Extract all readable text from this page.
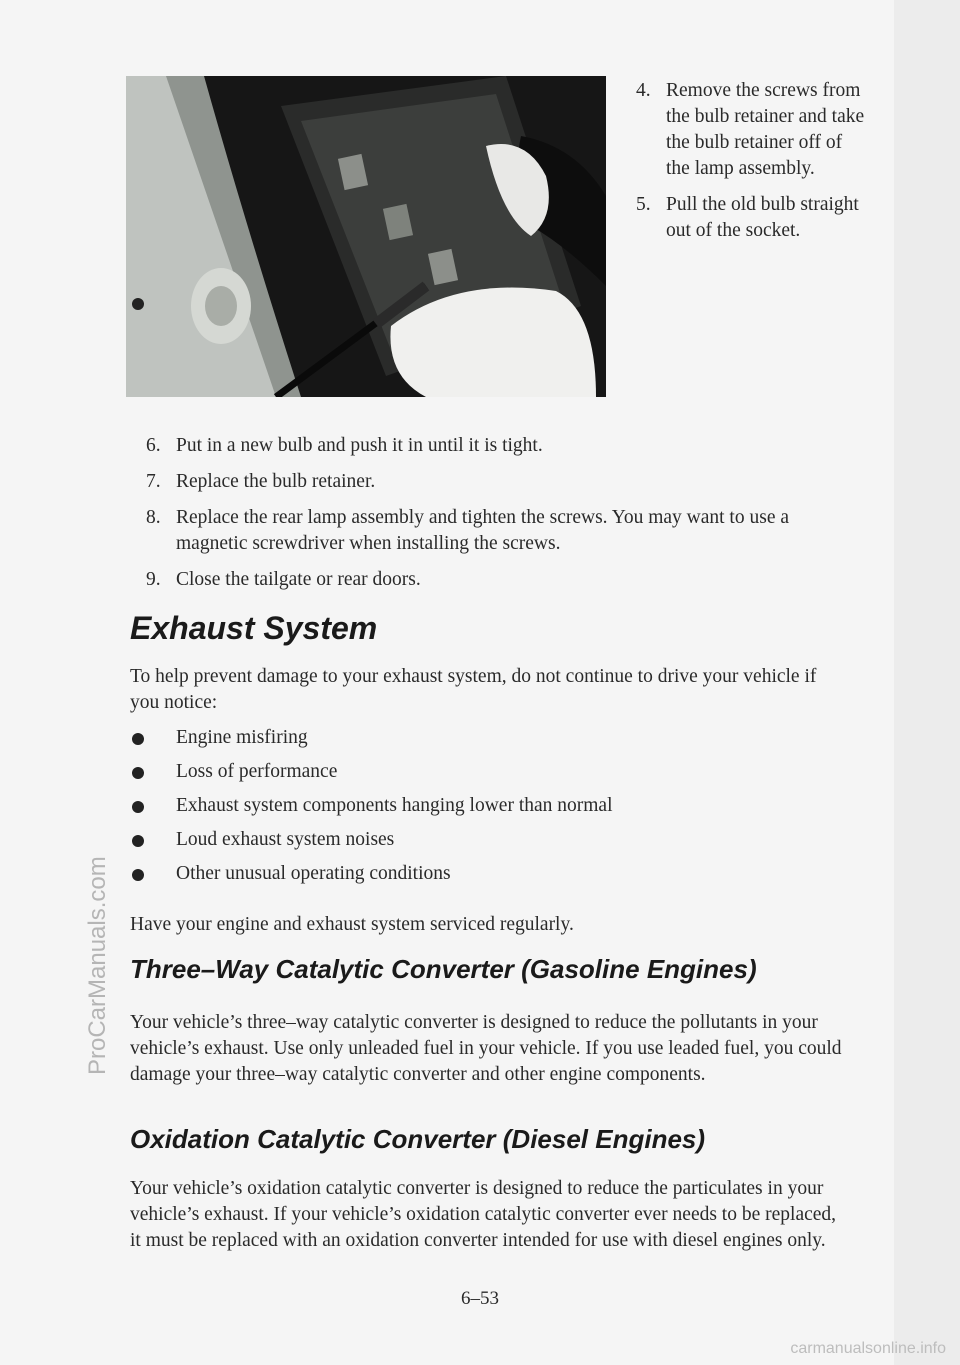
4. Remove the screws from the bulb retainer and take the bulb retainer off of the lamp assembly.
5. Pull the old bulb straight out of the socket.
6. Put in a new bulb and push it in until it is tight.
7. Replace the bulb retainer.
8. Replace the rear lamp assembly and tighten the screws. You may want to use a magnetic screwdriver when installing the screws.
9. Close the tailgate or rear doors.
Exhaust System

To help prevent damage to your exhaust system, do not continue to drive your vehicle if you notice:

Engine misfiring
Loss of performance
Exhaust system components hanging lower than normal
Loud exhaust system noises
Other unusual operating conditions

Have your engine and exhaust system serviced regularly.

Three–Way Catalytic Converter (Gasoline Engines)

Your vehicle’s three–way catalytic converter is designed to reduce the pollutants in your vehicle’s exhaust. Use only unleaded fuel in your vehicle. If you use leaded fuel, you could damage your three–way catalytic converter and other engine components.

Oxidation Catalytic Converter (Diesel Engines)

Your vehicle’s oxidation catalytic converter is designed to reduce the particulates in your vehicle’s exhaust. If your vehicle’s oxidation catalytic converter ever needs to be replaced, it must be replaced with an oxidation converter intended for use with diesel engines only.

6–53
ProCarManuals.com
carmanualsonline.info
